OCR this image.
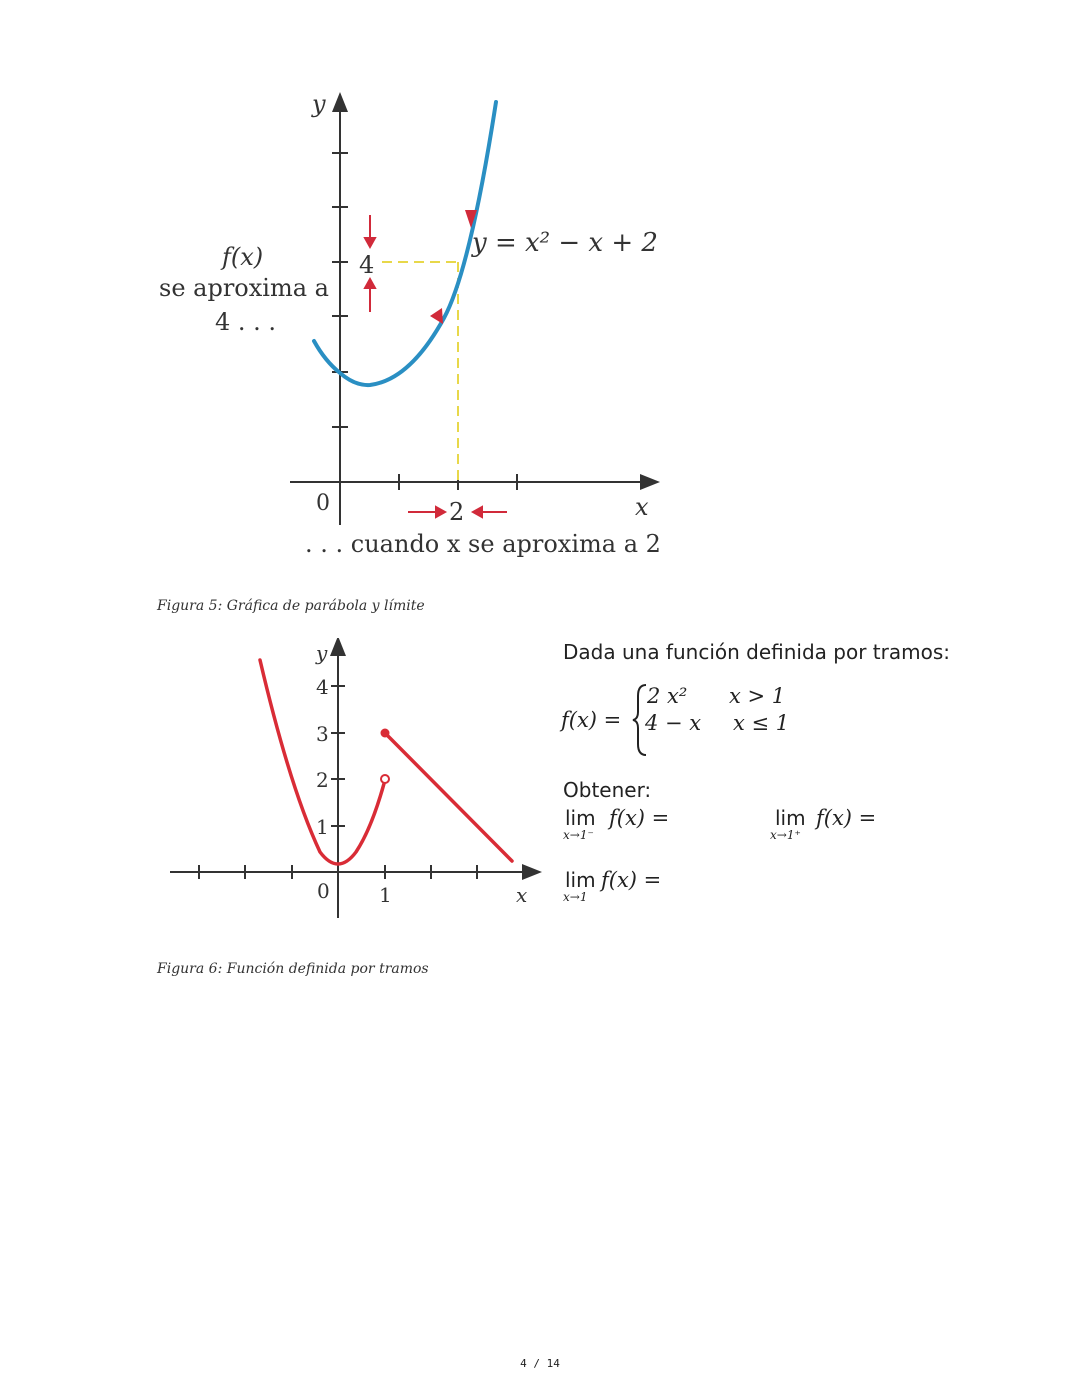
y
x
0
4
2
y = x² − x + 2
f(x)
se aproxima a
4 . . .
. . . cuando x se aproxima a 2
Figura 5: Gráfica de parábola y límite
1
2
3
4
0 1
y
x
Dada una función definida por tramos:
f(x) =
2 x² x > 1
4 − x x ≤ 1
Obtener:
lim
x→1⁻
f(x) =	lim
x→1⁺
f(x) =
lim
x→1
f(x) =
Figura 6: Función definida por tramos
4 / 14
